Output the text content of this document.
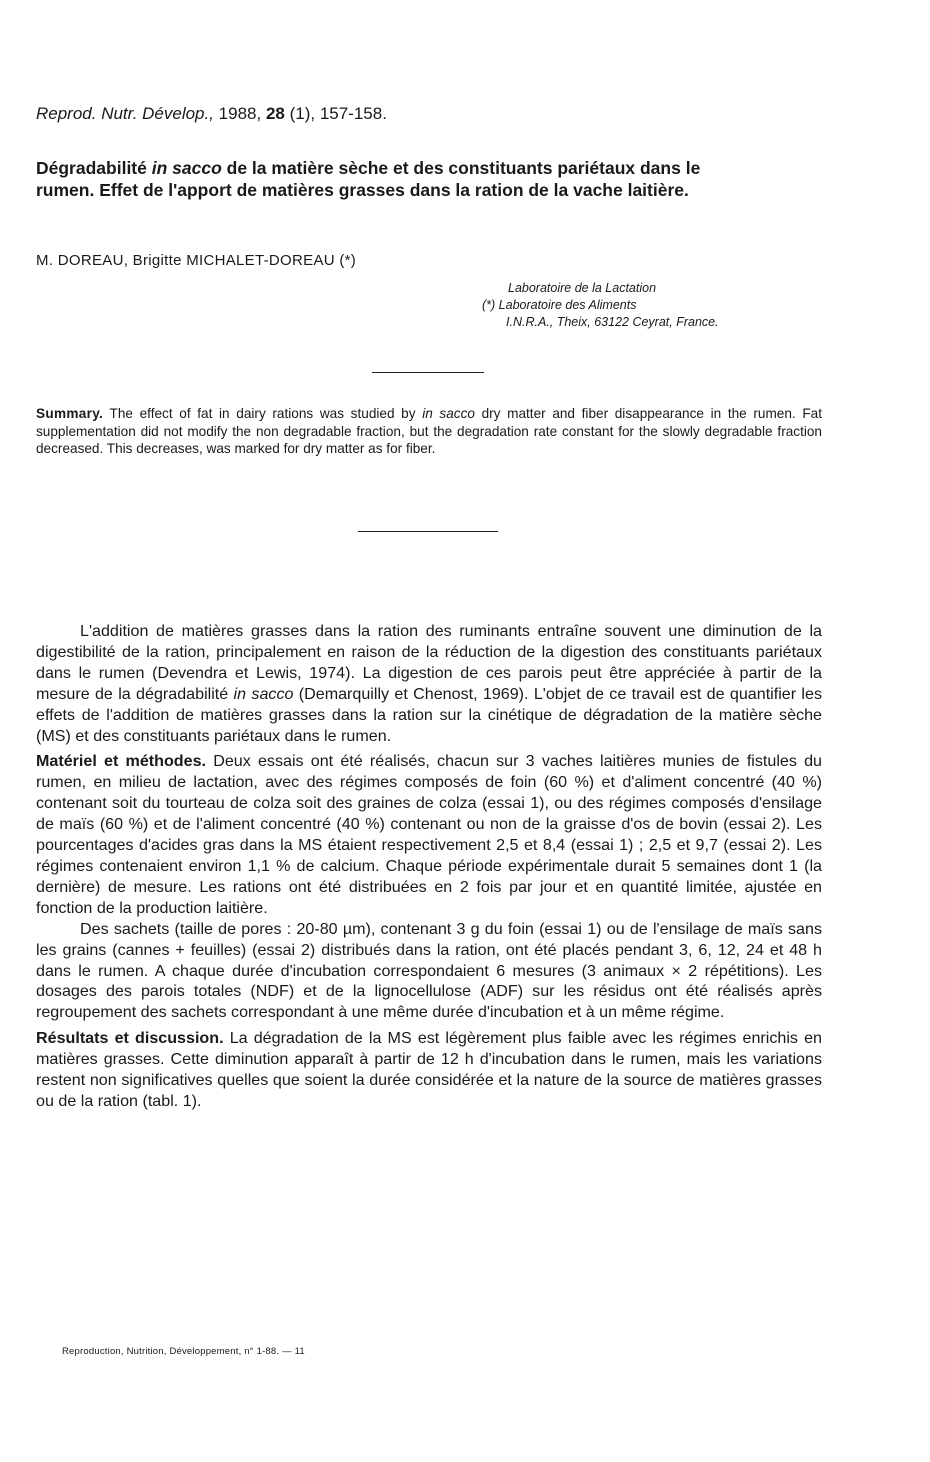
Reprod. Nutr. Dévelop., 1988, 28 (1), 157-158.
Dégradabilité in sacco de la matière sèche et des constituants pariétaux dans le rumen. Effet de l'apport de matières grasses dans la ration de la vache laitière.
M. DOREAU, Brigitte MICHALET-DOREAU (*)
Laboratoire de la Lactation
(*) Laboratoire des Aliments
I.N.R.A., Theix, 63122 Ceyrat, France.

Summary. The effect of fat in dairy rations was studied by in sacco dry matter and fiber disappearance in the rumen. Fat supplementation did not modify the non degradable fraction, but the degradation rate constant for the slowly degradable fraction decreased. This decreases, was marked for dry matter as for fiber.

L'addition de matières grasses dans la ration des ruminants entraîne souvent une diminution de la digestibilité de la ration, principalement en raison de la réduction de la digestion des constituants pariétaux dans le rumen (Devendra et Lewis, 1974). La digestion de ces parois peut être appréciée à partir de la mesure de la dégradabilité in sacco (Demarquilly et Chenost, 1969). L'objet de ce travail est de quantifier les effets de l'addition de matières grasses dans la ration sur la cinétique de dégradation de la matière sèche (MS) et des constituants pariétaux dans le rumen.

Matériel et méthodes. Deux essais ont été réalisés, chacun sur 3 vaches laitières munies de fistules du rumen, en milieu de lactation, avec des régimes composés de foin (60 %) et d'aliment concentré (40 %) contenant soit du tourteau de colza soit des graines de colza (essai 1), ou des régimes composés d'ensilage de maïs (60 %) et de l'aliment concentré (40 %) contenant ou non de la graisse d'os de bovin (essai 2). Les pourcentages d'acides gras dans la MS étaient respectivement 2,5 et 8,4 (essai 1) ; 2,5 et 9,7 (essai 2). Les régimes contenaient environ 1,1 % de calcium. Chaque période expérimentale durait 5 semaines dont 1 (la dernière) de mesure. Les rations ont été distribuées en 2 fois par jour et en quantité limitée, ajustée en fonction de la production laitière.

Des sachets (taille de pores : 20-80 µm), contenant 3 g du foin (essai 1) ou de l'ensilage de maïs sans les grains (cannes + feuilles) (essai 2) distribués dans la ration, ont été placés pendant 3, 6, 12, 24 et 48 h dans le rumen. A chaque durée d'incubation correspondaient 6 mesures (3 animaux × 2 répétitions). Les dosages des parois totales (NDF) et de la lignocellulose (ADF) sur les résidus ont été réalisés après regroupement des sachets correspondant à une même durée d'incubation et à un même régime.

Résultats et discussion. La dégradation de la MS est légèrement plus faible avec les régimes enrichis en matières grasses. Cette diminution apparaît à partir de 12 h d'incubation dans le rumen, mais les variations restent non significatives quelles que soient la durée considérée et la nature de la source de matières grasses ou de la ration (tabl. 1).

Reproduction, Nutrition, Développement, n° 1-88. — 11
